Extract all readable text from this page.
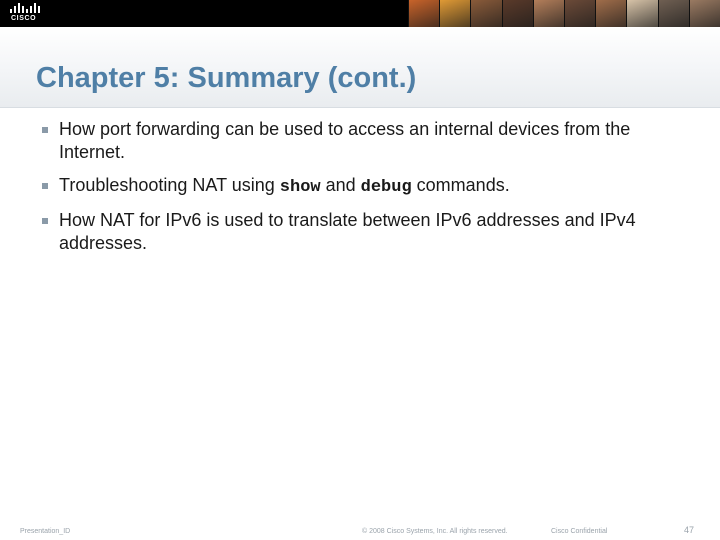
CISCO
Chapter 5: Summary (cont.)
How port forwarding can be used to access an internal devices from the Internet.
Troubleshooting NAT using show and debug commands.
How NAT for IPv6 is used to translate between IPv6 addresses and IPv4 addresses.
Presentation_ID	© 2008 Cisco Systems, Inc. All rights reserved.	Cisco Confidential	47
